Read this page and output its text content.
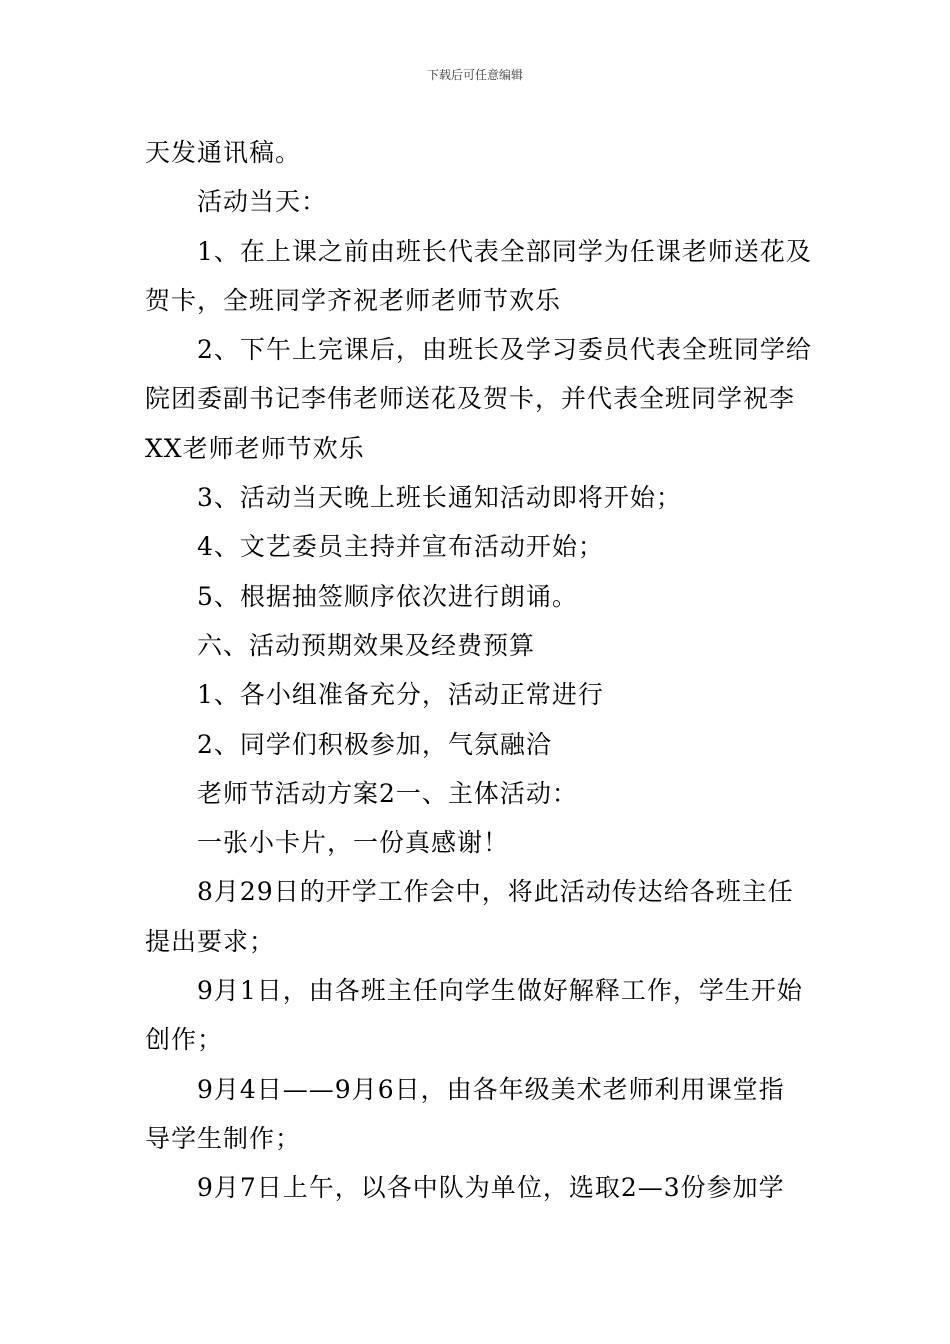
下载后可任意编辑

天发通讯稿。

活动当天：

1、在上课之前由班长代表全部同学为任课老师送花及

贺卡，全班同学齐祝老师老师节欢乐

2、下午上完课后，由班长及学习委员代表全班同学给

院团委副书记李伟老师送花及贺卡，并代表全班同学祝李

XX老师老师节欢乐

3、活动当天晚上班长通知活动即将开始；

4、文艺委员主持并宣布活动开始；

5、根据抽签顺序依次进行朗诵。

六、活动预期效果及经费预算

1、各小组准备充分，活动正常进行

2、同学们积极参加，气氛融洽

老师节活动方案2一、主体活动：

一张小卡片，一份真感谢！

8月29日的开学工作会中，将此活动传达给各班主任

提出要求；

9月1日，由各班主任向学生做好解释工作，学生开始

创作；

9月4日——9月6日，由各年级美术老师利用课堂指

导学生制作；

9月7日上午，以各中队为单位，选取2—3份参加学
